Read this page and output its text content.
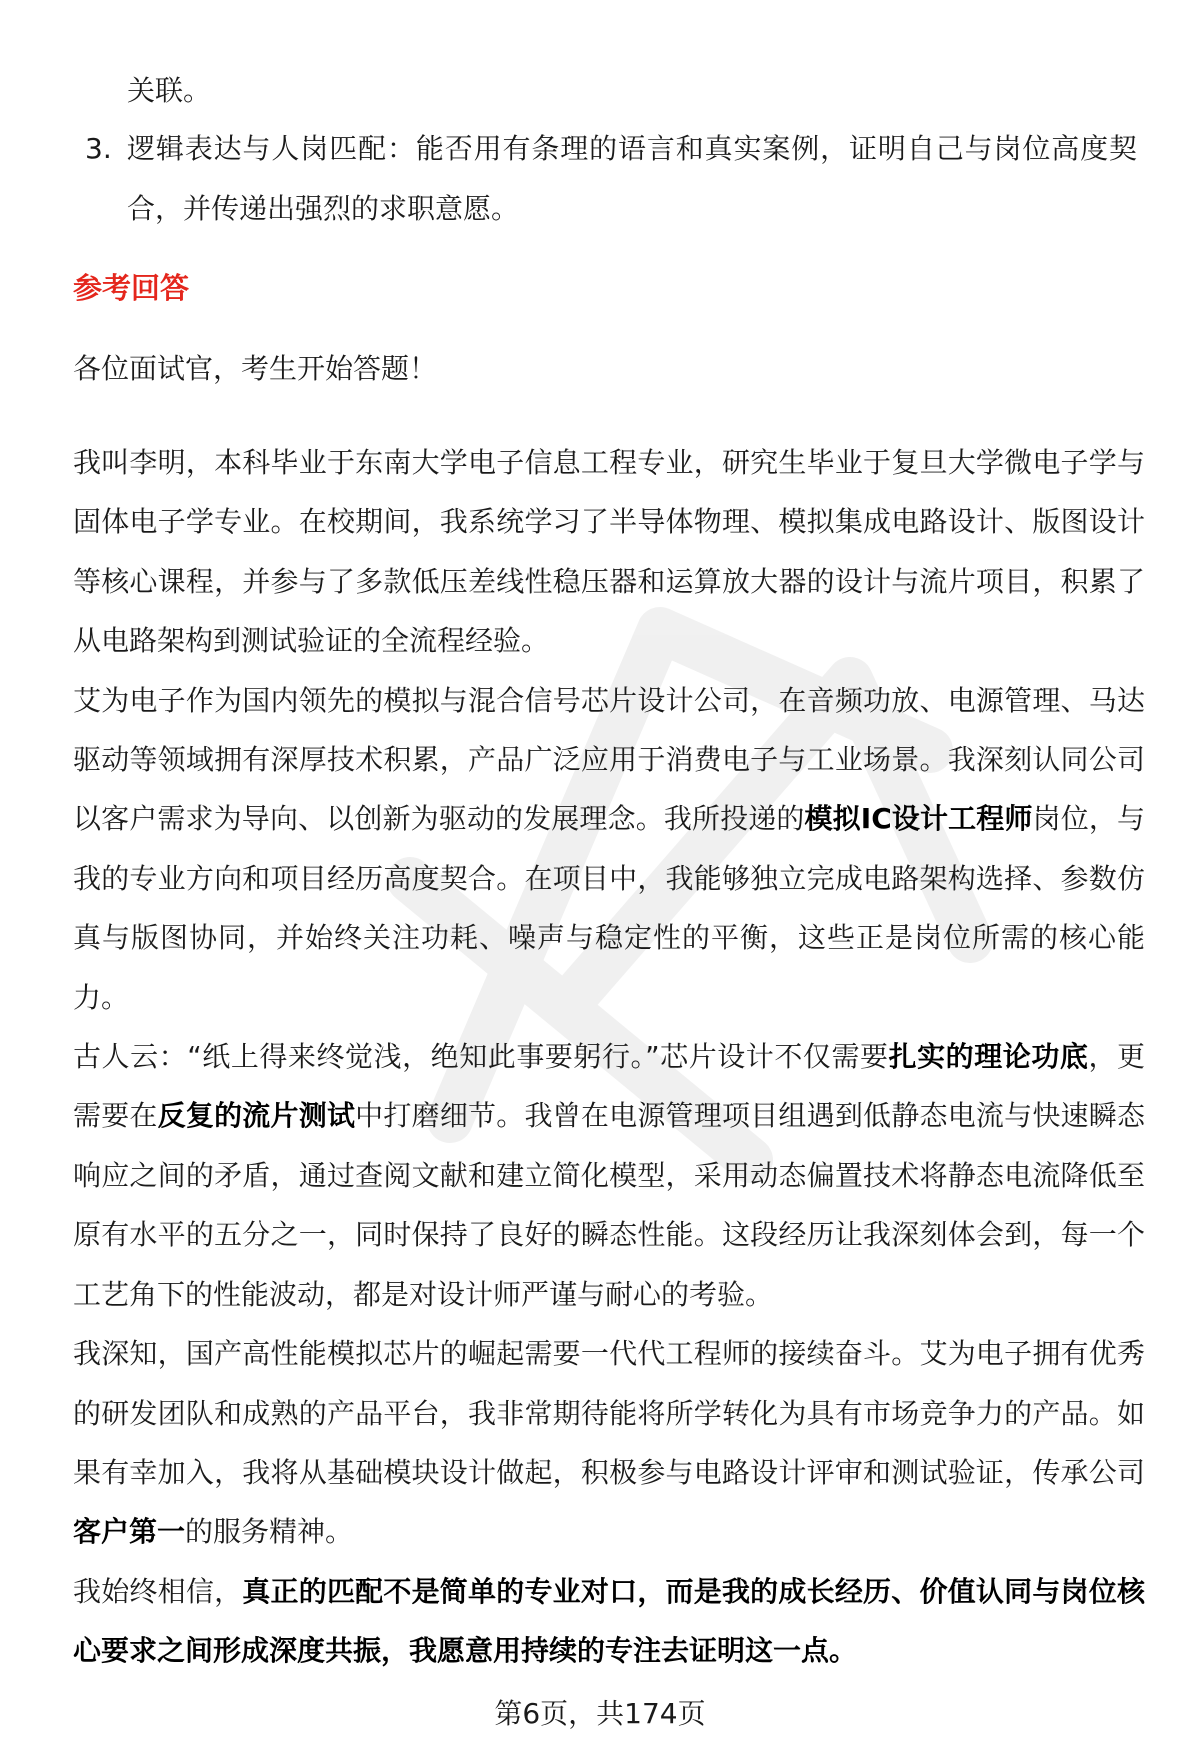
关联。

3. 逻辑表达与人岗匹配：能否用有条理的语言和真实案例，证明自己与岗位高度契合，并传递出强烈的求职意愿。
参考回答

各位面试官，考生开始答题！

我叫李明，本科毕业于东南大学电子信息工程专业，研究生毕业于复旦大学微电子学与固体电子学专业。在校期间，我系统学习了半导体物理、模拟集成电路设计、版图设计等核心课程，并参与了多款低压差线性稳压器和运算放大器的设计与流片项目，积累了从电路架构到测试验证的全流程经验。

艾为电子作为国内领先的模拟与混合信号芯片设计公司，在音频功放、电源管理、马达驱动等领域拥有深厚技术积累，产品广泛应用于消费电子与工业场景。我深刻认同公司以客户需求为导向、以创新为驱动的发展理念。我所投递的模拟IC设计工程师岗位，与我的专业方向和项目经历高度契合。在项目中，我能够独立完成电路架构选择、参数仿真与版图协同，并始终关注功耗、噪声与稳定性的平衡，这些正是岗位所需的核心能力。

古人云：“纸上得来终觉浅，绝知此事要躬行。”芯片设计不仅需要扎实的理论功底，更需要在反复的流片测试中打磨细节。我曾在电源管理项目组遇到低静态电流与快速瞬态响应之间的矛盾，通过查阅文献和建立简化模型，采用动态偏置技术将静态电流降低至原有水平的五分之一，同时保持了良好的瞬态性能。这段经历让我深刻体会到，每一个工艺角下的性能波动，都是对设计师严谨与耐心的考验。

我深知，国产高性能模拟芯片的崛起需要一代代工程师的接续奋斗。艾为电子拥有优秀的研发团队和成熟的产品平台，我非常期待能将所学转化为具有市场竞争力的产品。如果有幸加入，我将从基础模块设计做起，积极参与电路设计评审和测试验证，传承公司客户第一的服务精神。

我始终相信，真正的匹配不是简单的专业对口，而是我的成长经历、价值认同与岗位核心要求之间形成深度共振，我愿意用持续的专注去证明这一点。

第6页，共174页
